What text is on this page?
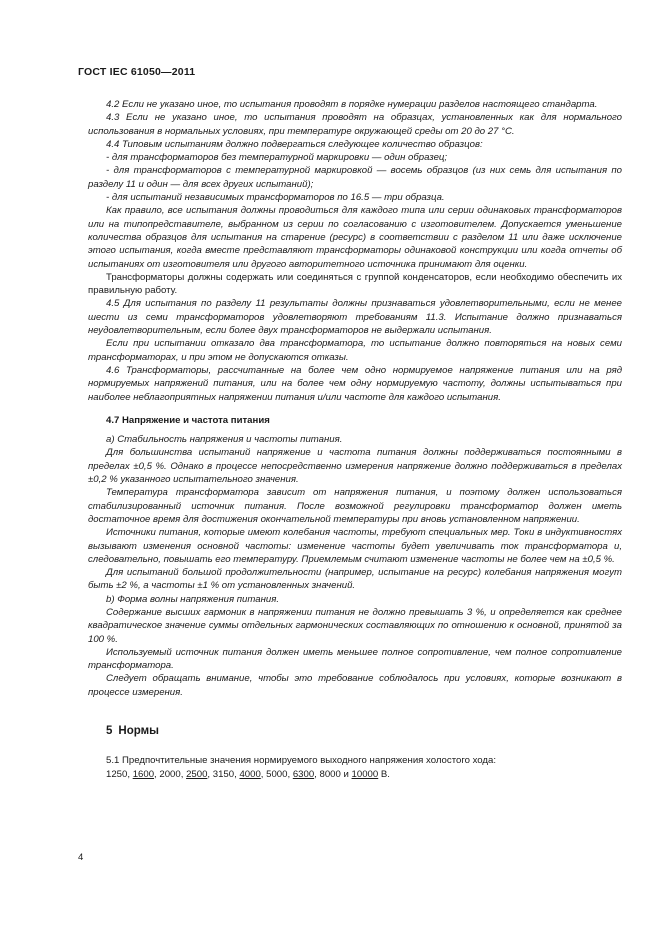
ГОСТ IEC 61050—2011

4.2 Если не указано иное, то испытания проводят в порядке нумерации разделов настоящего стандарта.

4.3 Если не указано иное, то испытания проводят на образцах, установленных как для нормального использования в нормальных условиях, при температуре окружающей среды от 20 до 27 °С.

4.4 Типовым испытаниям должно подвергаться следующее количество образцов:

- для трансформаторов без температурной маркировки — один образец;

- для трансформаторов с температурной маркировкой — восемь образцов (из них семь для испытания по разделу 11 и один — для всех других испытаний);

- для испытаний независимых трансформаторов по 16.5 — три образца.

Как правило, все испытания должны проводиться для каждого типа или серии одинаковых трансформаторов или на типопредставителе, выбранном из серии по согласованию с изготовителем. Допускается уменьшение количества образцов для испытания на старение (ресурс) в соответствии с разделом 11 или даже исключение этого испытания, когда вместе представляют трансформаторы одинаковой конструкции или когда отчеты об испытаниях от изготовителя или другого авторитетного источника принимают для оценки.

Трансформаторы должны содержать или соединяться с группой конденсаторов, если необходимо обеспечить их правильную работу.

4.5 Для испытания по разделу 11 результаты должны признаваться удовлетворительными, если не менее шести из семи трансформаторов удовлетворяют требованиям 11.3. Испытание должно признаваться неудовлетворительным, если более двух трансформаторов не выдержали испытания.

Если при испытании отказало два трансформатора, то испытание должно повторяться на новых семи трансформаторах, и при этом не допускаются отказы.

4.6 Трансформаторы, рассчитанные на более чем одно нормируемое напряжение питания или на ряд нормируемых напряжений питания, или на более чем одну нормируемую частоту, должны испытываться при наиболее неблагоприятных напряжении питания и/или частоте для каждого испытания.

4.7 Напряжение и частота питания

а) Стабильность напряжения и частоты питания.

Для большинства испытаний напряжение и частота питания должны поддерживаться постоянными в пределах ±0,5 %. Однако в процессе непосредственно измерения напряжение должно поддерживаться в пределах ±0,2 % указанного испытательного значения.

Температура трансформатора зависит от напряжения питания, и поэтому должен использоваться стабилизированный источник питания. После возможной регулировки трансформатор должен иметь достаточное время для достижения окончательной температуры при вновь установленном напряжении.

Источники питания, которые имеют колебания частоты, требуют специальных мер. Токи в индуктивностях вызывают изменения основной частоты: изменение частоты будет увеличивать ток трансформатора и, следовательно, повышать его температуру. Приемлемым считают изменение частоты не более чем на ±0,5 %.

Для испытаний большой продолжительности (например, испытание на ресурс) колебания напряжения могут быть ±2 %, а частоты ±1 % от установленных значений.

b) Форма волны напряжения питания.

Содержание высших гармоник в напряжении питания не должно превышать 3 %, и определяется как среднее квадратическое значение суммы отдельных гармонических составляющих по отношению к основной, принятой за 100 %.

Используемый источник питания должен иметь меньшее полное сопротивление, чем полное сопротивление трансформатора.

Следует обращать внимание, чтобы это требование соблюдалось при условиях, которые возникают в процессе измерения.

5 Нормы

5.1 Предпочтительные значения нормируемого выходного напряжения холостого хода:

1250, 1600, 2000, 2500, 3150, 4000, 5000, 6300, 8000 и 10000 В.

4
